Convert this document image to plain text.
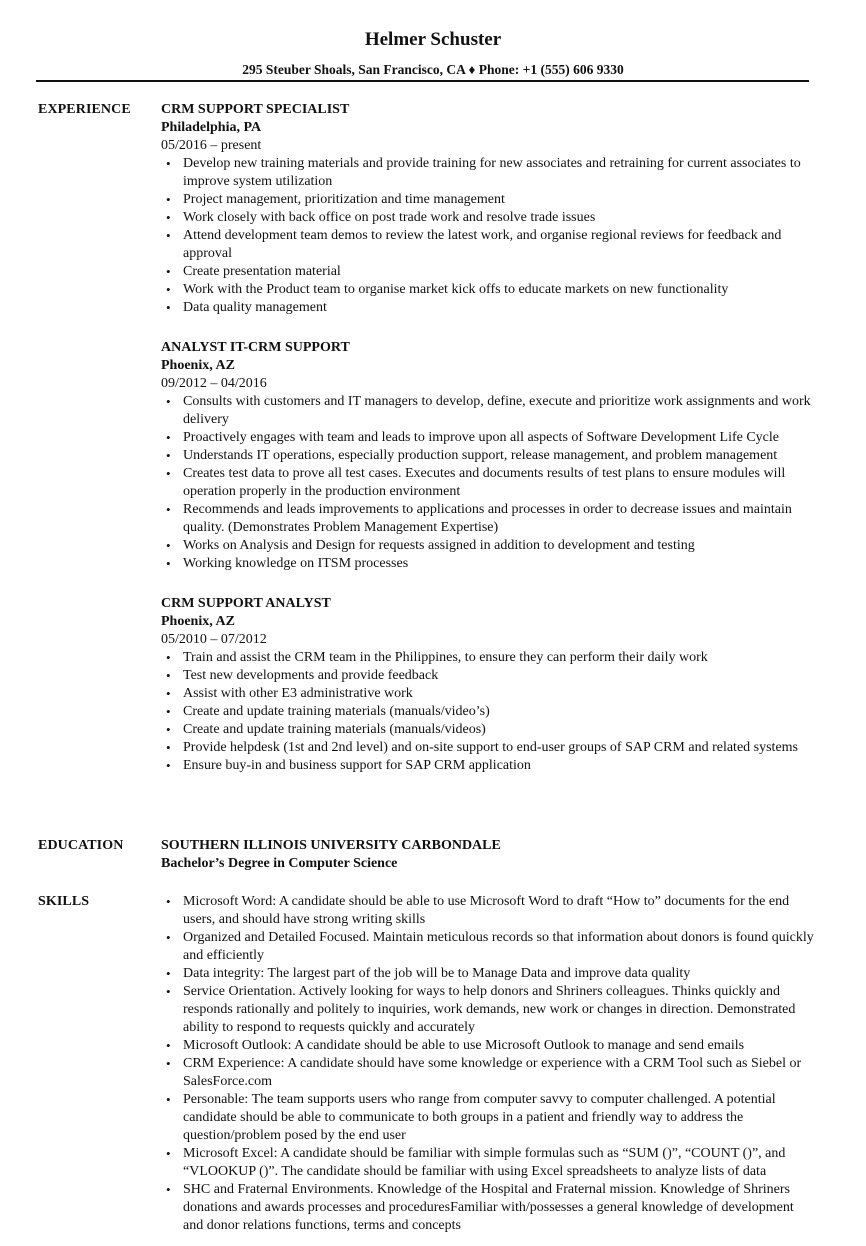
Helmer Schuster
295 Steuber Shoals, San Francisco, CA ♦ Phone: +1 (555) 606 9330
EXPERIENCE CRM SUPPORT SPECIALIST
Philadelphia, PA
05/2016 – present
• Develop new training materials and provide training for new associates and retraining for current associates to improve system utilization
• Project management, prioritization and time management
• Work closely with back office on post trade work and resolve trade issues
• Attend development team demos to review the latest work, and organise regional reviews for feedback and approval
• Create presentation material
• Work with the Product team to organise market kick offs to educate markets on new functionality
• Data quality management
ANALYST IT-CRM SUPPORT
Phoenix, AZ
09/2012 – 04/2016
• Consults with customers and IT managers to develop, define, execute and prioritize work assignments and work delivery
• Proactively engages with team and leads to improve upon all aspects of Software Development Life Cycle
• Understands IT operations, especially production support, release management, and problem management
• Creates test data to prove all test cases. Executes and documents results of test plans to ensure modules will operation properly in the production environment
• Recommends and leads improvements to applications and processes in order to decrease issues and maintain quality. (Demonstrates Problem Management Expertise)
• Works on Analysis and Design for requests assigned in addition to development and testing
• Working knowledge on ITSM processes
CRM SUPPORT ANALYST
Phoenix, AZ
05/2010 – 07/2012
• Train and assist the CRM team in the Philippines, to ensure they can perform their daily work
• Test new developments and provide feedback
• Assist with other E3 administrative work
• Create and update training materials (manuals/video’s)
• Create and update training materials (manuals/videos)
• Provide helpdesk (1st and 2nd level) and on-site support to end-user groups of SAP CRM and related systems
• Ensure buy-in and business support for SAP CRM application
EDUCATION	SOUTHERN ILLINOIS UNIVERSITY CARBONDALE
Bachelor’s Degree in Computer Science
SKILLS
•	Microsoft Word: A candidate should be able to use Microsoft Word to draft “How to” documents for the end users, and should have strong writing skills
• Organized and Detailed Focused. Maintain meticulous records so that information about donors is found quickly and efficiently
• Data integrity: The largest part of the job will be to Manage Data and improve data quality
• Service Orientation. Actively looking for ways to help donors and Shriners colleagues. Thinks quickly and responds rationally and politely to inquiries, work demands, new work or changes in direction. Demonstrated ability to respond to requests quickly and accurately
• Microsoft Outlook: A candidate should be able to use Microsoft Outlook to manage and send emails
• CRM Experience: A candidate should have some knowledge or experience with a CRM Tool such as Siebel or SalesForce.com
• Personable: The team supports users who range from computer savvy to computer challenged. A potential candidate should be able to communicate to both groups in a patient and friendly way to address the question/problem posed by the end user
• Microsoft Excel: A candidate should be familiar with simple formulas such as “SUM ()”, “COUNT ()”, and “VLOOKUP ()”. The candidate should be familiar with using Excel spreadsheets to analyze lists of data
• SHC and Fraternal Environments. Knowledge of the Hospital and Fraternal mission. Knowledge of Shriners donations and awards processes and proceduresFamiliar with/possesses a general knowledge of development and donor relations functions, terms and concepts
